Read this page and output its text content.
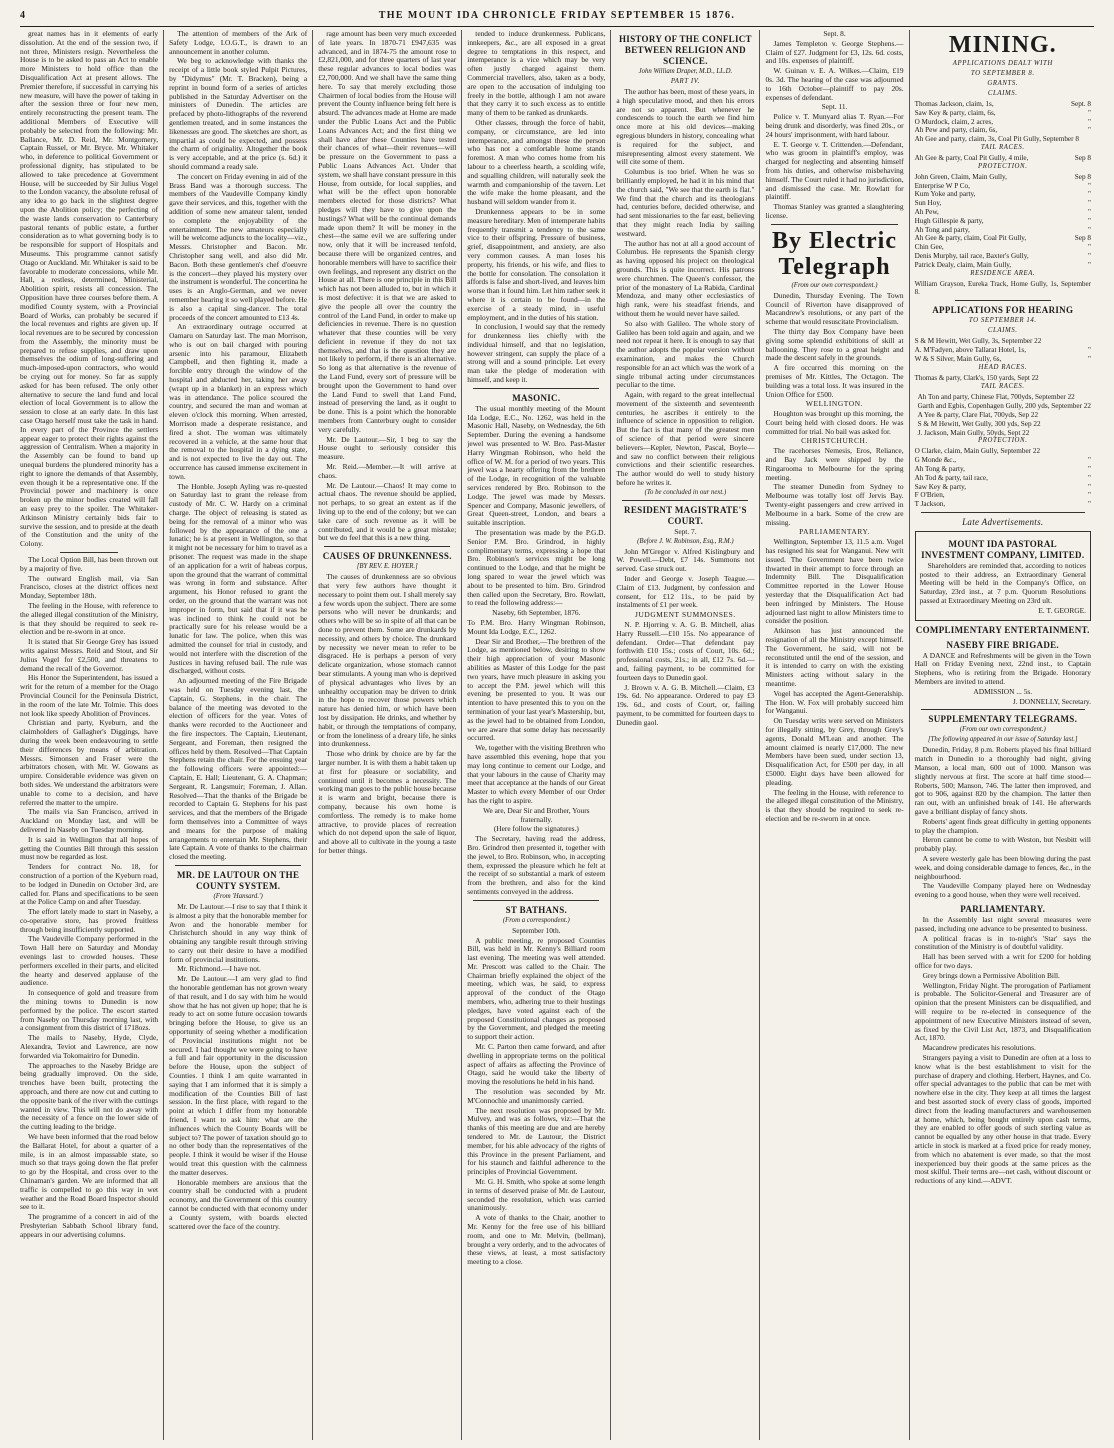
4	THE MOUNT IDA CHRONICLE FRIDAY SEPTEMBER 15 1876.

great names has in it elements of early dissolution. At the end of the session two, if not three, Ministers resign. Nevertheless the House is to be asked to pass an Act to enable more Ministers to hold office than the Disqualification Act at present allows. The Premier therefore, if successful in carrying his new measure, will have the power of taking in after the session three or four new men, entirely reconstructing the present team. The additional Members of Executive will probably be selected from the following: Mr. Ballance, Mr. D. Reid, Mr. Montgomery, Captain Russel, or Mr. Bryce. Mr. Whitaker who, in deference to political Government or professional dignity, has stipulated to be allowed to take precedence at Government House, will be succeeded by Sir Julius Vogel to the London vacancy, the absolute refusal of any idea to go back in the slightest degree upon the Abolition policy; the perfecting of the waste lands conservation to Canterbury pastoral tenants of public estate, a further consideration as to what governing body is to be responsible for support of Hospitals and Museums. This programme cannot satisfy Otago or Auckland. Mr. Whitaker is said to be favorable to moderate concessions, while Mr. Hall, a restless, determined, Ministerial, Abolition spirit, resists all concession. The Opposition have three courses before them. A modified County system, with a Provincial Board of Works, can probably be secured if the local revenues and rights are given up. If local revenues are to be secured by concession from the Assembly, the minority must be prepared to refuse supplies, and draw upon themselves the odium of long-suffering and much-imposed-upon contractors, who would be crying out for money. So far as supply asked for has been refused. The only other alternative to secure the land fund and local election of local Government is to allow the session to close at an early date. In this last case Otago herself must take the task in hand. In every part of the Province the settlers appear eager to protect their rights against the aggression of Centralism. When a majority in the Assembly can be found to band up unequal burdens the plundered minority has a right to ignore the demands of that Assembly, even though it be a representative one. If the Provincial power and machinery is once broken up the minor bodies created will fall an easy prey to the spoiler. The Whitaker-Atkinson Ministry certainly bids fair to survive the session, and to preside at the death of the Constitution and the unity of the Colony.

The Local Option Bill, has been thrown out by a majority of five.

The outward English mail, via San Francisco, closes at the district offices next Monday, September 18th.

The feeling in the House, with reference to the alleged illegal constitution of the Ministry, is that they should be required to seek re-election and be re-sworn in at once.

It is stated that Sir George Grey has issued writs against Messrs. Reid and Stout, and Sir Julius Vogel for £2,500, and threatens to demand the recall of the Governor.

His Honor the Superintendent, has issued a writ for the return of a member for the Otago Provincial Council for the Peninsula District, in the room of the late Mr. Tolmie. This does not look like speedy Abolition of Provinces.

Christian and party, Kyeburn, and the claimholders of Gallagher's Diggings, have during the week been endeavouring to settle their differences by means of arbitration. Messrs. Simonsen and Fraser were the arbitrators chosen, with Mr. W. Gowans as umpire. Considerable evidence was given on both sides. We understand the arbitrators were unable to come to a decision, and have referred the matter to the umpire.

The mails via San Francisco, arrived in Auckland on Monday last, and will be delivered in Naseby on Tuesday morning.

It is said in Wellington that all hopes of getting the Counties Bill through this session must now be regarded as lost.

Tenders for contract No. 18, for construction of a portion of the Kyeburn road, to be lodged in Dunedin on October 3rd, are called for. Plans and specifications to be seen at the Police Camp on and after Tuesday.

The effort lately made to start in Naseby, a co-operative store, has proved fruitless through being insufficiently supported.

The Vaudeville Company performed in the Town Hall here on Saturday and Monday evenings last to crowded houses. These performers excelled in their parts, and elicited the hearty and deserved applause of the audience.

In consequence of gold and treasure from the mining towns to Dunedin is now performed by the police. The escort started from Naseby on Thursday morning last, with a consignment from this district of 1718ozs.

The mails to Naseby, Hyde, Clyde, Alexandra, Teviot and Lawrence, are now forwarded via Tokomairiro for Dunedin.

The approaches to the Naseby Bridge are being gradually improved. On the side, trenches have been built, protecting the approach, and there are now cut and cutting to the opposite bank of the river with the cuttings wanted in view. This will not do away with the necessity of a fence on the lower side of the cutting leading to the bridge.

We have been informed that the road below the Ballarat Hotel, for about a quarter of a mile, is in an almost impassable state, so much so that trays going down the flat prefer to go by the Hospital, and cross over to the Chinaman's garden. We are informed that all traffic is compelled to go this way in wet weather and the Road Board Inspector should see to it.

The programme of a concert in aid of the Presbyterian Sabbath School library fund, appears in our advertising columns.

The attention of members of the Ark of Safety Lodge, I.O.G.T., is drawn to an announcement in another column.

We beg to acknowledge with thanks the receipt of a little book styled Pulpit Pictures, by "Didymus" (Mr. T. Bracken), being a reprint in bound form of a series of articles published in the Saturday Advertiser on the ministers of Dunedin. The articles are prefaced by photo-lithographs of the reverend gentlemen treated, and in some instances the likenesses are good. The sketches are short, as impartial as could be expected, and possess the charm of originality. Altogether the book is very acceptable, and at the price (s. 6d.) it should command a ready sale.

The concert on Friday evening in aid of the Brass Band was a thorough success. The members of the Vaudeville Company kindly gave their services, and this, together with the addition of some new amateur talent, tended to complete the enjoyability of the entertainment. The new amateurs especially will be welcome adjuncts to the locality—viz., Messrs. Christopher and Bacon. Mr. Christopher sang well, and also did Mr. Bacon. Both these gentlemen's chef d'oeuvre is the concert—they played his mystery over the instrument is wonderful. The concertina he uses is an Anglo-German, and we never remember hearing it so well played before. He is also a capital sing-dancer. The total proceeds of the concert amounted to £13 4s.

An extraordinary outrage occurred at Oamaru on Saturday last. The man Morrison, who is out on bail charged with pouring arsenic into his paramour, Elizabeth Campbell, and then fighting it, made a forcible entry through the window of the hospital and abducted her, taking her away (wrapt up in a blanket) in an express which was in attendance. The police scoured the country, and secured the man and woman at eleven o'clock this morning. When arrested, Morrison made a desperate resistance, and fired a shot. The woman was ultimately recovered in a vehicle, at the same hour that the removal to the hospital in a dying state, and is not expected to live the day out. The occurrence has caused immense excitement in town.

The Honble. Joseph Ayling was re-quested on Saturday last to grant the release from custody of Mr. C. W. Hardy on a criminal charge. The object of releasing is stated as being for the removal of a minor who was followed by the appearance of the one a lunatic; he is at present in Wellington, so that it might not be necessary for him to travel as a prisoner. The request was made in the shape of an application for a writ of habeas corpus, upon the ground that the warrant of committal was wrong in form and substance. After argument, his Honor refused to grant the order, on the ground that the warrant was not improper in form, but said that if it was he was inclined to think he could not be practically sure for his release would be a lunatic for law. The police, when this was admitted the counsel for trial in custody, and would not interfere with the discretion of the Justices in having refused bail. The rule was discharged, without costs.

An adjourned meeting of the Fire Brigade was held on Tuesday evening last, the Captain, G. Stephens, in the chair. The balance of the meeting was devoted to the election of officers for the year. Votes of thanks were recorded to the Auctioneer and the fire inspectors. The Captain, Lieutenant, Sergeant, and Foreman, then resigned the offices held by them. Resolved—That Captain Stephens retain the chair. For the ensuing year the following officers were appointed:—Captain, E. Hall; Lieutenant, G. A. Chapman; Sergeant, R. Langsmuir; Foreman, J. Allan. Resolved—That the thanks of the Brigade be recorded to Captain G. Stephens for his past services, and that the members of the Brigade form themselves into a Committee of ways and means for the purpose of making arrangements to entertain Mr. Stephens, their late Captain. A vote of thanks to the chairman closed the meeting.

MR. DE LAUTOUR ON THE COUNTY SYSTEM.
(From 'Hansard.')

Mr. De Lautour.—I rise to say that I think it is almost a pity that the honorable member for Avon and the honorable member for Christchurch should in any way think of obtaining any tangible result through striving to carry out their desire to have a modified form of provincial institutions.

Mr. Richmond.—I have not.

Mr. De Lautour.—I am very glad to find the honorable gentleman has not grown weary of that result, and I do say with him he would show that he has not given up hope; that he is ready to act on some future occasion towards bringing before the House, to give us an opportunity of seeing whether a modification of Provincial institutions might not be secured. I had thought we were going to have a full and fair opportunity in the discussion before the House, upon the subject of Counties. I think I am quite warranted in saying that I am informed that it is simply a modification of the Counties Bill of last session. In the first place, with regard to the point at which I differ from my honorable friend, I want to ask him: what are the influences which the County Boards will be subject to? The power of taxation should go to no other body than the representatives of the people. I think it would be wiser if the House would treat this question with the calmness the matter deserves.

Honorable members are anxious that the country shall be conducted with a prudent economy, and the Government of this country cannot be conducted with that economy under a County system, with boards elected scattered over the face of the country.

rage amount has been very much exceeded of late years. In 1870-71 £947,635 was advanced, and in 1874-75 the amount rose to £2,821,000, and for three quarters of last year these regular advances to local bodies was £2,700,000. And we shall have the same thing here. To say that merely excluding those Chairmen of local bodies from the House will prevent the County influence being felt here is absurd. The advances made at Home are made under the Public Loans Act and the Public Loans Advances Act; and the first thing we shall have after these Counties have tested their chances of what—their revenues—will be pressure on the Government to pass a Public Loans Advances Act. Under that system, we shall have constant pressure in this House, from outside, for local supplies, and what will be the effect upon honorable members elected for those districts? What pledges will they have to give upon the hustings? What will be the continual demands made upon them? It will be money in the chest—the same evil we are suffering under now, only that it will be increased tenfold, because there will be organized centres, and honorable members will have to sacrifice their own feelings, and represent any district on the House at all. There is one principle in this Bill which has not been alluded to, but in which it is most defective: it is that we are asked to give the people all over the country the control of the Land Fund, in order to make up deficiencies in revenue. There is no question whatever that these counties will be very deficient in revenue if they do not tax themselves, and that is the question they are not likely to perform, if there is an alternative. So long as that alternative is the revenue of the Land Fund, every sort of pressure will be brought upon the Government to hand over the Land Fund to swell that Land Fund, instead of preserving the land, as it ought to be done. This is a point which the honorable members from Canterbury ought to consider very carefully.

Mr. De Lautour.—Sir, I beg to say the House ought to seriously consider this measure.

Mr. Reid.—Member.—It will arrive at chaos.

Mr. De Lautour.—Chaos! It may come to actual chaos. The revenue should be applied, not perhaps, to so great an extent as if the living up to the end of the colony; but we can take care of such revenue as it will be contributed, and it would be a great mistake; but we do feel that this is a new thing.

CAUSES OF DRUNKENNESS.
[BY REV. E. HOYER.]

The causes of drunkenness are so obvious that very few authors have thought it necessary to point them out. I shall merely say a few words upon the subject. There are some persons who will never be drunkards; and others who will be so in spite of all that can be done to prevent them. Some are drunkards by necessity, and others by choice. The drunkard by necessity we never mean to refer to be disgraced. He is perhaps a person of very delicate organization, whose stomach cannot bear stimulants. A young man who is deprived of physical advantages who lives by an unhealthy occupation may be driven to drink in the hope to recover those powers which nature has denied him, or which have been lost by dissipation. He drinks, and whether by habit, or through the temptations of company, or from the loneliness of a dreary life, he sinks into drunkenness.

Those who drink by choice are by far the larger number. It is with them a habit taken up at first for pleasure or sociability, and continued until it becomes a necessity. The working man goes to the public house because it is warm and bright, because there is company, because his own home is comfortless. The remedy is to make home attractive, to provide places of recreation which do not depend upon the sale of liquor, and above all to cultivate in the young a taste for better things.

tended to induce drunkenness. Publicans, innkeepers, &c., are all exposed in a great degree to temptations in this respect, and intemperance is a vice which may be very often justly charged against them. Commercial travellers, also, taken as a body, are open to the accusation of indulging too freely in the bottle, although I am not aware that they carry it to such excess as to entitle many of them to be ranked as drunkards.

Other classes, through the force of habit, company, or circumstance, are led into intemperance, and amongst these the person who has not a comfortable home stands foremost. A man who comes home from his labour to a cheerless hearth, a scolding wife, and squalling children, will naturally seek the warmth and companionship of the tavern. Let the wife make the home pleasant, and the husband will seldom wander from it.

Drunkenness appears to be in some measure hereditary. Men of intemperate habits frequently transmit a tendency to the same vice to their offspring. Pressure of business, grief, disappointment, and anxiety, are also very common causes. A man loses his property, his friends, or his wife, and flies to the bottle for consolation. The consolation it affords is false and short-lived, and leaves him worse than it found him. Let him rather seek it where it is certain to be found—in the exercise of a steady mind, in useful employment, and in the duties of his station.

In conclusion, I would say that the remedy for drunkenness lies chiefly with the individual himself, and that no legislation, however stringent, can supply the place of a strong will and a sound principle. Let every man take the pledge of moderation with himself, and keep it.

MASONIC.

The usual monthly meeting of the Mount Ida Lodge, E.C., No. 1262, was held in the Masonic Hall, Naseby, on Wednesday, the 6th September. During the evening a handsome jewel was presented to W. Bro. Past-Master Harry Wingman Robinson, who held the office of W. M. for a period of two years. This jewel was a hearty offering from the brethren of the Lodge, in recognition of the valuable services rendered by Bro. Robinson to the Lodge. The jewel was made by Messrs. Spencer and Company, Masonic jewellers, of Great Queen-street, London, and bears a suitable inscription.

The presentation was made by the P.G.D. Senior P.M. Bro. Grindrod, in highly complimentary terms, expressing a hope that Bro. Robinson's services might be long continued to the Lodge, and that he might be long spared to wear the jewel which was about to be presented to him. Bro. Grindrod then called upon the Secretary, Bro. Rowlatt, to read the following address:—

Naseby, 6th September, 1876.

To P.M. Bro. Harry Wingman Robinson, Mount Ida Lodge, E.C., 1262.

Dear Sir and Brother,—The brethren of the Lodge, as mentioned below, desiring to show their high appreciation of your Masonic abilities as Master of this Lodge for the past two years, have much pleasure in asking you to accept the P.M. jewel which will this evening be presented to you. It was our intention to have presented this to you on the termination of your last year's Mastership, but, as the jewel had to be obtained from London, we are aware that some delay has necessarily occurred.

We, together with the visiting Brethren who have assembled this evening, hope that you may long continue to cement our Lodge, and that your labours in the cause of Charity may meet that acceptance at the hands of our Great Master to which every Member of our Order has the right to aspire.

We are, Dear Sir and Brother, Yours fraternally.

(Here follow the signatures.)

The Secretary, having read the address, Bro. Grindrod then presented it, together with the jewel, to Bro. Robinson, who, in accepting them, expressed the pleasure which he felt at the receipt of so substantial a mark of esteem from the brethren, and also for the kind sentiments conveyed in the address.

ST BATHANS.
(From a correspondent.)

September 10th.

A public meeting, re proposed Counties Bill, was held in Mr. Kenny's Billiard room last evening. The meeting was well attended. Mr. Prescott was called to the Chair. The Chairman briefly explained the object of the meeting, which was, he said, to express approval of the conduct of the Otago members, who, adhering true to their hustings pledges, have voted against each of the proposed Constitutional changes as proposed by the Government, and pledged the meeting to support their action.

Mr. C. Parton then came forward, and after dwelling in appropriate terms on the political aspect of affairs as affecting the Province of Otago, said he would take the liberty of moving the resolutions he held in his hand.

The resolution was seconded by Mr. M'Connochie and unanimously carried.

The next resolution was proposed by Mr. Mulvey, and was as follows, viz:—That the thanks of this meeting are due and are hereby tendered to Mr. de Lautour, the District member, for his able advocacy of the rights of this Province in the present Parliament, and for his staunch and faithful adherence to the principles of Provincial Government.

Mr. G. H. Smith, who spoke at some length in terms of deserved praise of Mr. de Lautour, seconded the resolution, which was carried unanimously.

A vote of thanks to the Chair, another to Mr. Kenny for the free use of his billiard room, and one to Mr. Melvin, (bellman), brought a very orderly, and to the advocates of these views, at least, a most satisfactory meeting to a close.

HISTORY OF THE CONFLICT BETWEEN RELIGION AND SCIENCE.
John William Draper, M.D., LL.D.
PART IV.

The author has been, most of these years, in a high speculative mood, and then his errors are not so apparent. But whenever he condescends to touch the earth we find him once more at his old devices—making egregious blunders in history, concealing what is required for the subject, and misrepresenting almost every statement. We will cite some of them.

Columbus is too brief. When he was so brilliantly employed, he had it in his mind that the church said, "We see that the earth is flat." We find that the church and its theologians had, centuries before, decided otherwise, and had sent missionaries to the far east, believing that they might reach India by sailing westward.

The author has not at all a good account of Columbus. He represents the Spanish clergy as having opposed his project on theological grounds. This is quite incorrect. His patrons were churchmen. The Queen's confessor, the prior of the monastery of La Rabida, Cardinal Mendoza, and many other ecclesiastics of high rank, were his steadfast friends, and without them he would never have sailed.

So also with Galileo. The whole story of Galileo has been told again and again, and we need not repeat it here. It is enough to say that the author adopts the popular version without examination, and makes the Church responsible for an act which was the work of a single tribunal acting under circumstances peculiar to the time.

Again, with regard to the great intellectual movement of the sixteenth and seventeenth centuries, he ascribes it entirely to the influence of science in opposition to religion. But the fact is that many of the greatest men of science of that period were sincere believers—Kepler, Newton, Pascal, Boyle—and saw no conflict between their religious convictions and their scientific researches. The author would do well to study history before he writes it.

(To be concluded in our next.)
RESIDENT MAGISTRATE'S COURT.

Sept. 7.

(Before J. W. Robinson, Esq., R.M.)

John M'Gregor v. Alfred Kislingbury and W. Powell.—Debt, £7 14s. Summons not served. Case struck out.

Inder and George v. Joseph Teague.—Claim of £13. Judgment, by confession and consent, for £12 11s., to be paid by instalments of £1 per week.

JUDGMENT SUMMONSES.

N. P. Hjorring v. A. G. B. Mitchell, alias Harry Russell.—£10 15s. No appearance of defendant. Order—That defendant pay forthwith £10 15s.; costs of Court, 10s. 6d.; professional costs, 21s.; in all, £12 7s. 6d.—and, failing payment, to be committed for fourteen days to Dunedin gaol.

J. Brown v. A. G. B. Mitchell.—Claim, £3 19s. 6d. No appearance. Ordered to pay £3 19s. 6d., and costs of Court, or, failing payment, to be committed for fourteen days to Dunedin gaol.

Sept. 8.

James Templeton v. George Stephens.—Claim of £27. Judgment for £3, 12s. 6d. costs, and 10s. expenses of plaintiff.

W. Guinan v. E. A. Wilkes.—Claim, £19 0s. 3d. The hearing of the case was adjourned to 16th October—plaintiff to pay 20s. expenses of defendant.

Sept. 11.

Police v. T. Munyard alias T. Ryan.—For being drunk and disorderly, was fined 20s., or 24 hours' imprisonment, with hard labour.

E. T. George v. T. Crittenden.—Defendant, who was groom in plaintiff's employ, was charged for neglecting and absenting himself from his duties, and otherwise misbehaving himself. The Court ruled it had no jurisdiction, and dismissed the case. Mr. Rowlatt for plaintiff.

Thomas Stanley was granted a slaughtering license.

By Electric Telegraph
(From our own correspondent.)

Dunedin, Thursday Evening. The Town Council of Riverton have disapproved of Macandrew's resolutions, or any part of the scheme that would resuscitate Provincialism.

The thirty day Box Company have been giving some splendid exhibitions of skill at ballooning. They rose to a great height and made the descent safely in the grounds.

A fire occurred this morning on the premises of Mr. Kittles, The Octagon. The building was a total loss. It was insured in the Union Office for £500.

WELLINGTON.

Houghton was brought up this morning, the Court being held with closed doors. He was committed for trial. No bail was asked for.

CHRISTCHURCH.

The racehorses Nemesis, Eros, Reliance, and Bay Jack were shipped by the Ringarooma to Melbourne for the spring meeting.

The steamer Dunedin from Sydney to Melbourne was totally lost off Jervis Bay. Twenty-eight passengers and crew arrived in Melbourne in a bark. Some of the crew are missing.

PARLIAMENTARY.

Wellington, September 13, 11.5 a.m. Vogel has resigned his seat for Wanganui. New writ issued. The Government have been twice thwarted in their attempt to force through an Indemnity Bill. The Disqualification Committee reported in the Lower House yesterday that the Disqualification Act had been infringed by Ministers. The House adjourned last night to allow Ministers time to consider the position.

Atkinson has just announced the resignation of all the Ministry except himself. The Government, he said, will not be reconstituted until the end of the session, and it is intended to carry on with the existing Ministers acting without salary in the meantime.

Vogel has accepted the Agent-Generalship. The Hon. W. Fox will probably succeed him for Wanganui.

On Tuesday writs were served on Ministers for illegally sitting, by Grey, through Grey's agents, Donald M'Lean and another. The amount claimed is nearly £17,000. The new Members have been sued, under section 13, Disqualification Act, for £500 per day, in all £5000. Eight days have been allowed for pleading.

The feeling in the House, with reference to the alleged illegal constitution of the Ministry, is that they should be required to seek re-election and be re-sworn in at once.

MINING.
APPLICATIONS DEALT WITH
TO SEPTEMBER 8.
GRANTS.
CLAIMS.
Thomas Jackson, claim, 1s,	Sept. 8
Saw Key & party, claim, 6s,	"
O Murdock, claim, 2 acres,	"
Ah Pew and party, claim, 6s,	"
Ah Gee and party, claim, 3s, Coal Pit Gully, September 8
TAIL RACES.
Ah Gee & party, Coal Pit Gully, 4 mile,	Sep 8
PROTECTION.
John Green, Claim, Main Gully,	Sep 8
Enterprise W P Co,	"
Kum Yoke and party,	"
Sun Hoy,	"
Ah Pew,	"
Hugh Gillespie & party,	"
Ah Tong and party,	"
Ah Gee & party, claim, Coal Pit Gully,	Sep 8
Chin Gee,	"
Denis Murphy, tail race, Baxter's Gully,	"
Patrick Dealy, claim, Main Gully,	"
RESIDENCE AREA.

William Grayson, Eureka Track, Home Gully, 1s, September 8.

APPLICATIONS FOR HEARING
TO SEPTEMBER 14.
CLAIMS.
S & M Hewitt, Wet Gully, 3s, September 22
A. M'Fadyen, above Tallarat Hotel, 1s,	"
W & S Silver, Main Gully, 6s,	"
HEAD RACES.

Thomas & party, Clark's, 150 yards, Sept 22

TAIL RACES.
Ah Ton and party, Chinese Flat, 700yds, September 22
Garth and Egbis, Copenhagen Gully, 200 yds, September 22
A Yee & party, Clare Flat, 700yds, Sep 22
S & M Hewitt, Wet Gully, 300 yds, Sep 22
J. Jackson, Main Gully, 50yds, Sept 22
PROTECTION.
O Clarke, claim, Main Gully, September 22
G Monde &c.,	"
Ah Tong & party,	"
Ah Tod & party, tail race,	"
Saw Key & party,	"
F O'Brien,	"
T Jackson,	"
Late Advertisements.
MOUNT IDA PASTORAL INVESTMENT COMPANY, LIMITED.

Shareholders are reminded that, according to notices posted to their address, an Extraordinary General Meeting will be held in the Company's Office, on Saturday, 23rd inst., at 7 p.m. Quorum Resolutions passed at Extraordinary Meeting on 23rd ult.

E. T. GEORGE.

COMPLIMENTARY ENTERTAINMENT.
NASEBY FIRE BRIGADE.

A DANCE and Refreshments will be given in the Town Hall on Friday Evening next, 22nd inst., to Captain Stephens, who is retiring from the Brigade. Honorary Members are invited to attend.

ADMISSION ... 5s.

J. DONNELLY, Secretary.

SUPPLEMENTARY TELEGRAMS.
(From our own correspondent.)
[The following appeared in our issue of Saturday last.]

Dunedin, Friday, 8 p.m. Roberts played his final billiard match in Dunedin to a thoroughly bad night, giving Manson, a local man, 600 out of 1000. Manson was slightly nervous at first. The score at half time stood—Roberts, 500; Manson, 746. The latter then improved, and got to 906, against 820 by the champion. The latter then ran out, with an unfinished break of 141. He afterwards gave a brilliant display of fancy shots.

Roberts' agent finds great difficulty in getting opponents to play the champion.

Heron cannot be come to with Weston, but Nesbitt will probably play.

A severe westerly gale has been blowing during the past week, and doing considerable damage to fences, &c., in the neighbourhood.

The Vaudeville Company played here on Wednesday evening to a good house, when they were well received.

PARLIAMENTARY.

In the Assembly last night several measures were passed, including one advance to be presented to business.

A political fracas is in to-night's 'Star' says the constitution of the Ministry is of doubtful validity.

Hall has been served with a writ for £200 for holding office for two days.

Grey brings down a Permissive Abolition Bill.

Wellington, Friday Night. The prorogation of Parliament is probable. The Solicitor-General and Treasurer are of opinion that the present Ministers can be disqualified, and will require to be re-elected in consequence of the appointment of new Executive Ministers instead of seven, as fixed by the Civil List Act, 1873, and Disqualification Act, 1870.

Macandrew predicates his resolutions.

Strangers paying a visit to Dunedin are often at a loss to know what is the best establishment to visit for the purchase of drapery and clothing. Herbert, Haynes, and Co. offer special advantages to the public that can be met with nowhere else in the city. They keep at all times the largest and best assorted stock of every class of goods, imported direct from the leading manufacturers and warehousemen at home, which, being bought entirely upon cash terms, they are enabled to offer goods of such sterling value as cannot be equalled by any other house in that trade. Every article in stock is marked at a fixed price for ready money, from which no abatement is ever made, so that the most inexperienced buy their goods at the same prices as the most skilful. Their terms are—net cash, without discount or reductions of any kind.—ADVT.
